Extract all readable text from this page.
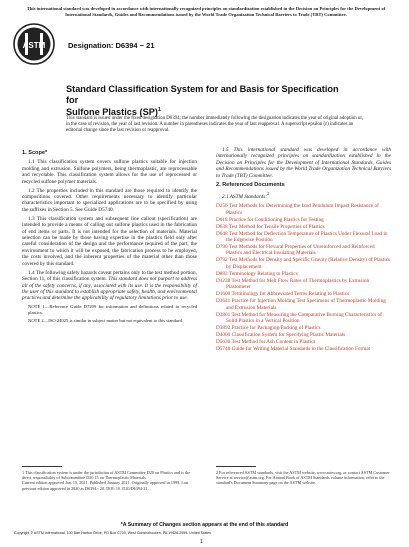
This international standard was developed in accordance with internationally recognized principles on standardization established in the Decision on Principles for the Development of International Standards, Guides and Recommendations issued by the World Trade Organization Technical Barriers to Trade (TBT) Committee.
ASTM	Designation: D6394 − 21
Standard Classification System for and Basis for Specification
for
Sulfone Plastics (SP)$^1$
This standard is issued under the fixed designation D6394; the number immediately following the designation indicates the year of original adoption or, in the case of revision, the year of last revision. A number in parentheses indicates the year of last reapproval. A superscript epsilon (ε) indicates an editorial change since the last revision or reapproval.
1. Scope*

1.1 This classification system covers sulfone plastics suitable for injection molding and extrusion. Sulfone polymers, being thermoplastic, are reprocessable and recyclable. This classification system allows for the use of reprocessed or recycled sulfone polymer materials.

1.2 The properties included in this standard are those required to identify the compositions covered. Other requirements necessary to identify particular characteristics important to specialized applications are to be specified by using the suffixes in Section 5. See Guide D5740.

1.3 This classification system and subsequent line callout (specification) are intended to provide a means of calling out sulfone plastics used in the fabrication of end items or parts. It is not intended for the selection of materials. Material selection can be made by those having expertise in the plastics field only after careful consideration of the design and the performance required of the part, the environment to which it will be exposed, the fabrication process to be employed, the costs involved, and the inherent properties of the material other than those covered by this standard.

1.4 The following safety hazards caveat pertains only to the test method portion, Section 11, of this classification system. This standard does not purport to address all of the safety concerns, if any, associated with its use. It is the responsibility of the user of this standard to establish appropriate safety, health, and environmental practices and determine the applicability of regulatory limitations prior to use.

NOTE 1—Reference Guide D7209 for information and definitions related to recycled plastics.

NOTE 2—ISO 24025 is similar in subject matter but not equivalent to this standard.

1.5 This international standard was developed in accordance with internationally recognized principles on standardization established in the Decision on Principles for the Development of International Standards, Guides and Recommendations issued by the World Trade Organization Technical Barriers to Trade (TBT) Committee.

2. Referenced Documents

2.1 ASTM Standards:$^2$

D256 Test Methods for Determining the Izod Pendulum Impact Resistance of Plastics
D618 Practice for Conditioning Plastics for Testing
D638 Test Method for Tensile Properties of Plastics
D648 Test Method for Deflection Temperature of Plastics Under Flexural Load in the Edgewise Position
D790 Test Methods for Flexural Properties of Unreinforced and Reinforced Plastics and Electrical Insulating Materials
D792 Test Methods for Density and Specific Gravity (Relative Density) of Plastics by Displacement
D883 Terminology Relating to Plastics
D1238 Test Method for Melt Flow Rates of Thermoplastics by Extrusion Plastometer
D1600 Terminology for Abbreviated Terms Relating to Plastics
D3641 Practice for Injection Molding Test Specimens of Thermoplastic Molding and Extrusion Materials
D3801 Test Method for Measuring the Comparative Burning Characteristics of Solid Plastics in a Vertical Position
D3892 Practice for Packaging/Packing of Plastics
D4000 Classification System for Specifying Plastic Materials
D5630 Test Method for Ash Content in Plastics
D5740 Guide for Writing Material Standards in the Classification Format
1 This classification system is under the jurisdiction of ASTM Committee D20 on Plastics and is the direct responsibility of Subcommittee D20.15 on Thermoplastic Materials.
Current edition approved Jan. 15, 2021. Published January 2021. Originally approved in 1999. Last previous edition approved in 2020 as D6394 - 20. DOI: 10.1520/D6394-21.
2 For referenced ASTM standards, visit the ASTM website, www.astm.org, or contact ASTM Customer Service at service@astm.org. For Annual Book of ASTM Standards volume information, refer to the standard's Document Summary page on the ASTM website.
*A Summary of Changes section appears at the end of this standard
Copyright © ASTM International, 100 Barr Harbor Drive, PO Box C700, West Conshohocken, PA 19428-2959. United States
1
